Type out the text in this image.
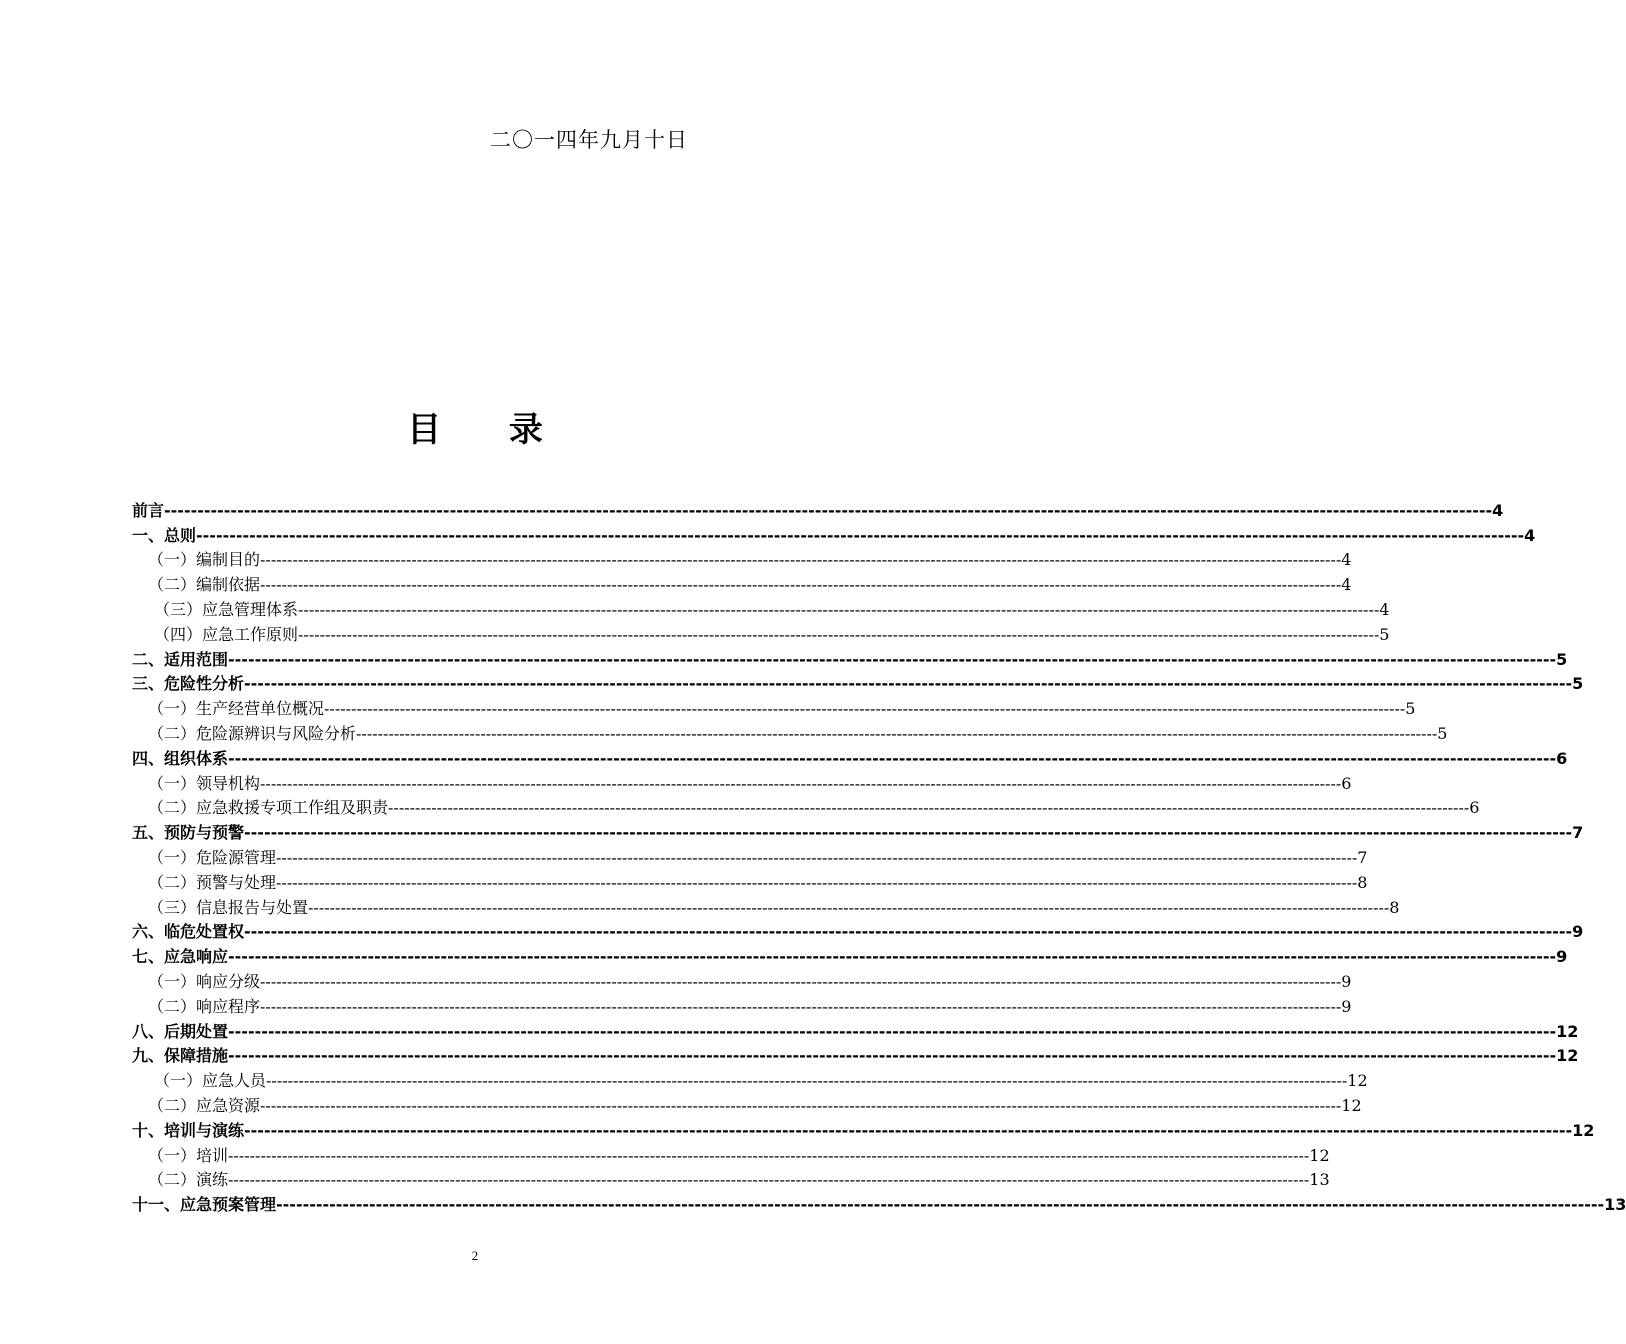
二〇一四年九月十日
目 录
前言 -------------------------------------------------------------------------------------------------------------------------------------------------------------------------------------------------------- 4
一、总则 -------------------------------------------------------------------------------------------------------------------------------------------------------------------------------------------------------- 4
（一）编制目的 -------------------------------------------------------------------------------------------------------------------------------------------------------------------------------------------------------- 4
（二）编制依据 -------------------------------------------------------------------------------------------------------------------------------------------------------------------------------------------------------- 4
（三）应急管理体系 -------------------------------------------------------------------------------------------------------------------------------------------------------------------------------------------------------- 4
（四）应急工作原则 -------------------------------------------------------------------------------------------------------------------------------------------------------------------------------------------------------- 5
二、适用范围 -------------------------------------------------------------------------------------------------------------------------------------------------------------------------------------------------------- 5
三、危险性分析 -------------------------------------------------------------------------------------------------------------------------------------------------------------------------------------------------------- 5
（一）生产经营单位概况 -------------------------------------------------------------------------------------------------------------------------------------------------------------------------------------------------------- 5
（二）危险源辨识与风险分析 -------------------------------------------------------------------------------------------------------------------------------------------------------------------------------------------------------- 5
四、组织体系 -------------------------------------------------------------------------------------------------------------------------------------------------------------------------------------------------------- 6
（一）领导机构 -------------------------------------------------------------------------------------------------------------------------------------------------------------------------------------------------------- 6
（二）应急救援专项工作组及职责 -------------------------------------------------------------------------------------------------------------------------------------------------------------------------------------------------------- 6
五、预防与预警 -------------------------------------------------------------------------------------------------------------------------------------------------------------------------------------------------------- 7
（一）危险源管理 -------------------------------------------------------------------------------------------------------------------------------------------------------------------------------------------------------- 7
（二）预警与处理 -------------------------------------------------------------------------------------------------------------------------------------------------------------------------------------------------------- 8
（三）信息报告与处置 -------------------------------------------------------------------------------------------------------------------------------------------------------------------------------------------------------- 8
六、临危处置权 -------------------------------------------------------------------------------------------------------------------------------------------------------------------------------------------------------- 9
七、应急响应 -------------------------------------------------------------------------------------------------------------------------------------------------------------------------------------------------------- 9
（一）响应分级 -------------------------------------------------------------------------------------------------------------------------------------------------------------------------------------------------------- 9
（二）响应程序 -------------------------------------------------------------------------------------------------------------------------------------------------------------------------------------------------------- 9
八、后期处置 -------------------------------------------------------------------------------------------------------------------------------------------------------------------------------------------------------- 12
九、保障措施 -------------------------------------------------------------------------------------------------------------------------------------------------------------------------------------------------------- 12
（一）应急人员 -------------------------------------------------------------------------------------------------------------------------------------------------------------------------------------------------------- 12
（二）应急资源 -------------------------------------------------------------------------------------------------------------------------------------------------------------------------------------------------------- 12
十、培训与演练 -------------------------------------------------------------------------------------------------------------------------------------------------------------------------------------------------------- 12
（一）培训 -------------------------------------------------------------------------------------------------------------------------------------------------------------------------------------------------------- 12
（二）演练 -------------------------------------------------------------------------------------------------------------------------------------------------------------------------------------------------------- 13
十一、应急预案管理 -------------------------------------------------------------------------------------------------------------------------------------------------------------------------------------------------------- 13
2
